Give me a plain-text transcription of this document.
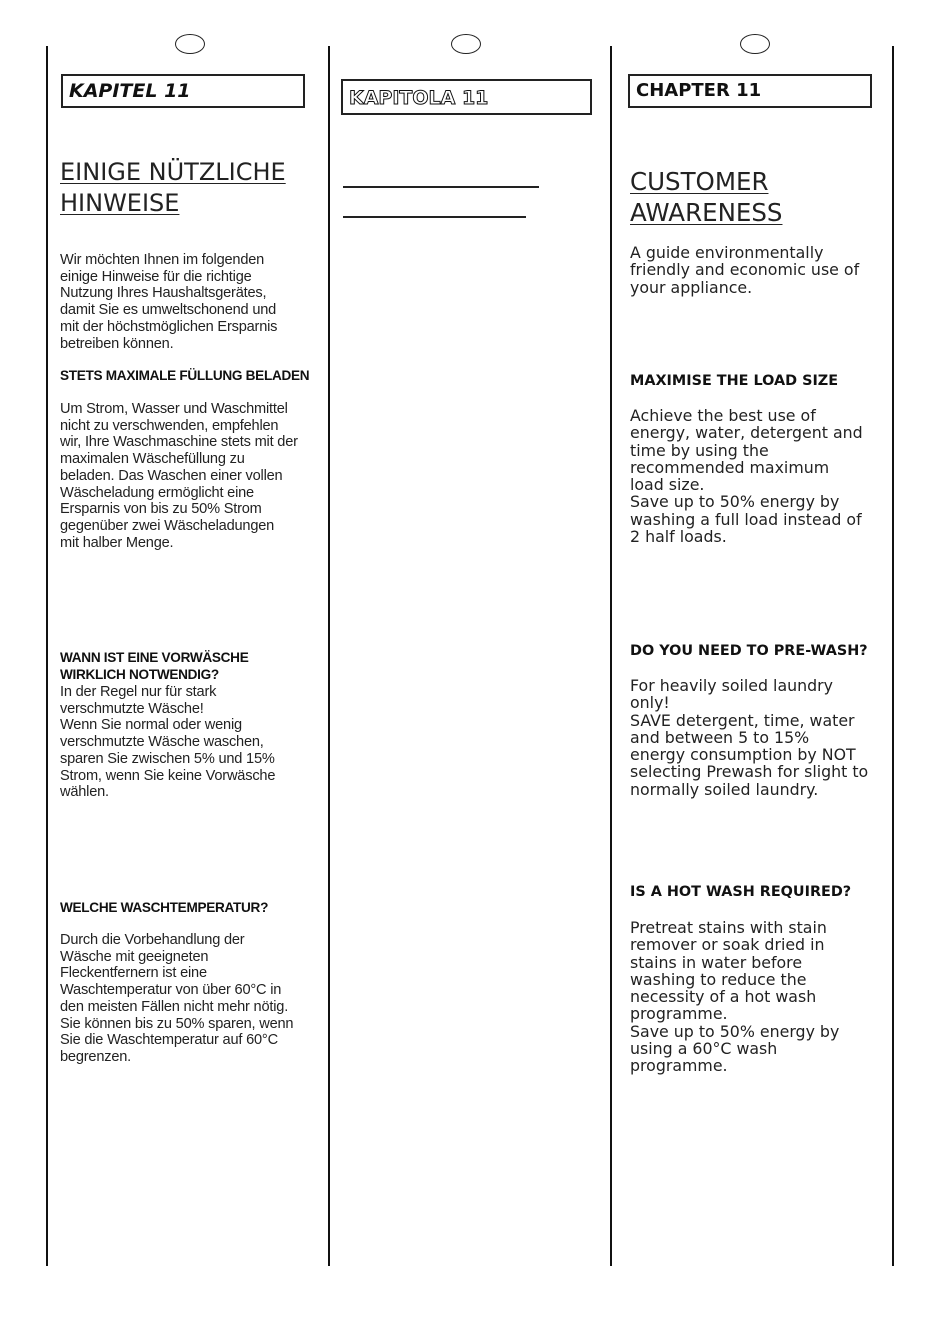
KAPITEL 11
EINIGE NÜTZLICHE
HINWEISE

Wir möchten Ihnen im folgenden
einige Hinweise für die richtige
Nutzung Ihres Haushaltsgerätes,
damit Sie es umweltschonend und
mit der höchstmöglichen Ersparnis
betreiben können.

STETS MAXIMALE FÜLLUNG BELADEN

Um Strom, Wasser und Waschmittel
nicht zu verschwenden, empfehlen
wir, Ihre Waschmaschine stets mit der
maximalen Wäschefüllung zu
beladen. Das Waschen einer vollen
Wäscheladung ermöglicht eine
Ersparnis von bis zu 50% Strom
gegenüber zwei Wäscheladungen
mit halber Menge.

WANN IST EINE VORWÄSCHE
WIRKLICH NOTWENDIG?

In der Regel nur für stark
verschmutzte Wäsche!
Wenn Sie normal oder wenig
verschmutzte Wäsche waschen,
sparen Sie zwischen 5% und 15%
Strom, wenn Sie keine Vorwäsche
wählen.

WELCHE WASCHTEMPERATUR?

Durch die Vorbehandlung der
Wäsche mit geeigneten
Fleckentfernern ist eine
Waschtemperatur von über 60°C in
den meisten Fällen nicht mehr nötig.
Sie können bis zu 50% sparen, wenn
Sie die Waschtemperatur auf 60°C
begrenzen.

KAPITOLA 11	CHAPTER 11
CUSTOMER
AWARENESS

A guide environmentally
friendly and economic use of
your appliance.

MAXIMISE THE LOAD SIZE

Achieve the best use of
energy, water, detergent and
time by using the
recommended maximum
load size.
Save up to 50% energy by
washing a full load instead of
2 half loads.

DO YOU NEED TO PRE-WASH?

For heavily soiled laundry
only!
SAVE detergent, time, water
and between 5 to 15%
energy consumption by NOT
selecting Prewash for slight to
normally soiled laundry.

IS A HOT WASH REQUIRED?

Pretreat stains with stain
remover or soak dried in
stains in water before
washing to reduce the
necessity of a hot wash
programme.
Save up to 50% energy by
using a 60°C wash
programme.
